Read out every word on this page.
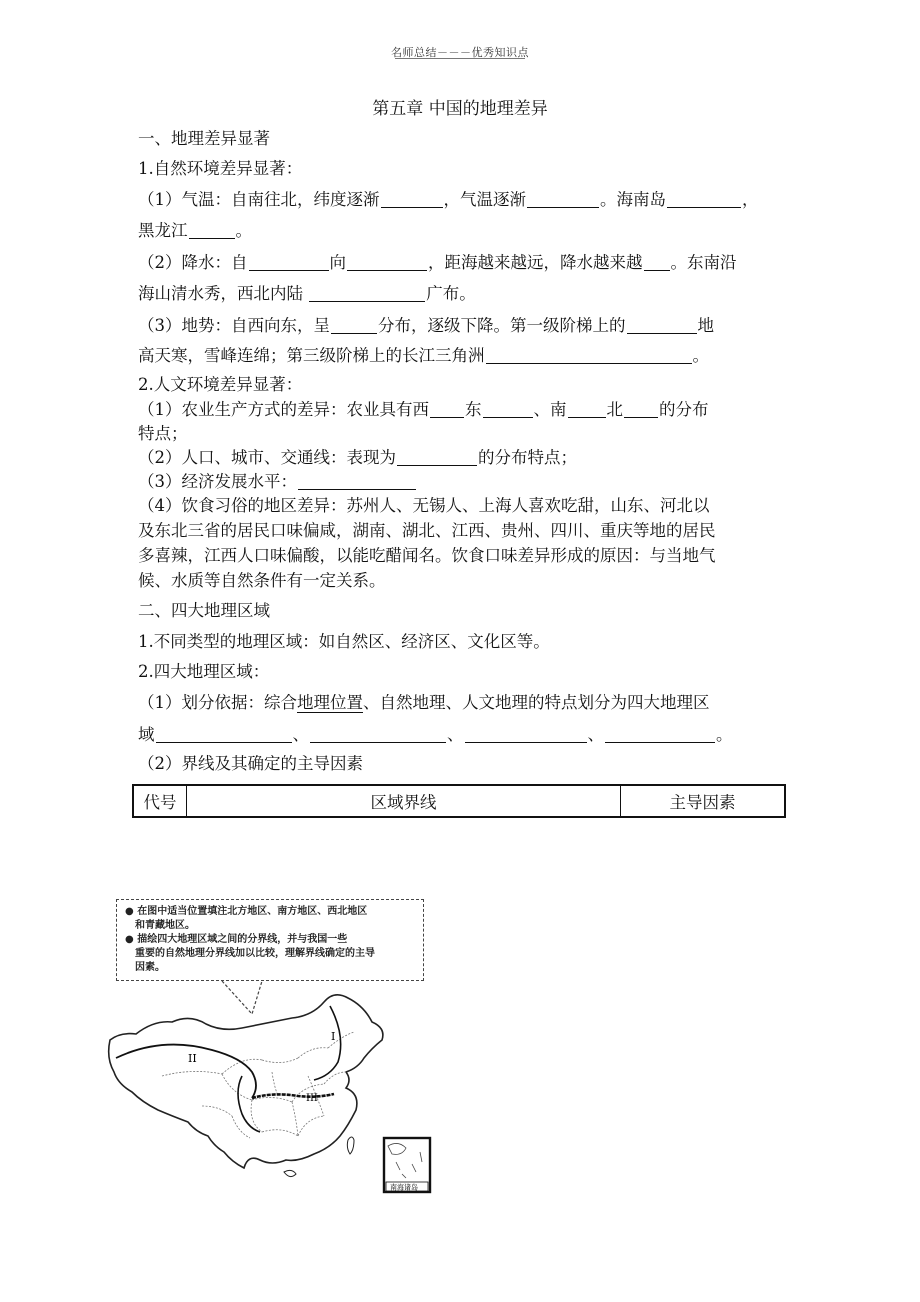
名师总结－－－优秀知识点
第五章 中国的地理差异
一、地理差异显著
1.自然环境差异显著：
（1）气温：自南往北，纬度逐渐	，气温逐渐	。海南岛	，
黑龙江	。
（2）降水：自	向	，距海越来越远，降水越来越 。东南沿
海山清水秀，西北内陆	广布。
（3）地势：自西向东，呈	分布，逐级下降。第一级阶梯上的	地
高天寒，雪峰连绵；第三级阶梯上的长江三角洲	。
2.人文环境差异显著：
（1）农业生产方式的差异：农业具有西 东	、南 北 的分布
特点；
（2）人口、城市、交通线：表现为	的分布特点；
（3）经济发展水平：
（4）饮食习俗的地区差异：苏州人、无锡人、上海人喜欢吃甜，山东、河北以
及东北三省的居民口味偏咸，湖南、湖北、江西、贵州、四川、重庆等地的居民
多喜辣，江西人口味偏酸，以能吃醋闻名。饮食口味差异形成的原因：与当地气
候、水质等自然条件有一定关系。
二、四大地理区域
1.不同类型的地理区域：如自然区、经济区、文化区等。
2.四大地理区域：
（1）划分依据：综合地理位置、自然地理、人文地理的特点划分为四大地理区
域	、	、	、	。
（2）界线及其确定的主导因素
代号	区域界线	主导因素

● 在图中适当位置填注北方地区、南方地区、西北地区

和青藏地区。

● 描绘四大地理区域之间的分界线，并与我国一些

重要的自然地理分界线加以比较，理解界线确定的主导

因素。

I
II
III
南海诸岛
